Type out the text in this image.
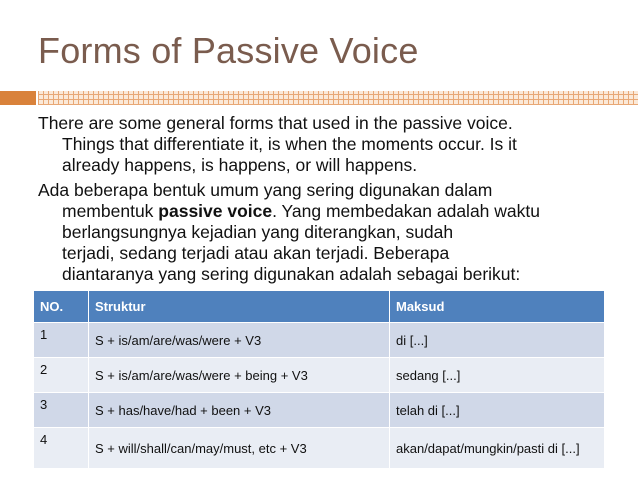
Forms of Passive Voice
There are some general forms that used in the passive voice.
Things that differentiate it, is when the moments occur. Is it
already happens, is happens, or will happens.
Ada beberapa bentuk umum yang sering digunakan dalam
membentuk passive voice. Yang membedakan adalah waktu
berlangsungnya kejadian yang diterangkan, sudah
terjadi, sedang terjadi atau akan terjadi. Beberapa
diantaranya yang sering digunakan adalah sebagai berikut:
NO.	Struktur	Maksud
1	S + is/am/are/was/were + V3	di [...]
2	S + is/am/are/was/were + being + V3	sedang [...]
3	S + has/have/had + been + V3	telah di [...]
4	S + will/shall/can/may/must, etc + V3	akan/dapat/mungkin/pasti di [...]
